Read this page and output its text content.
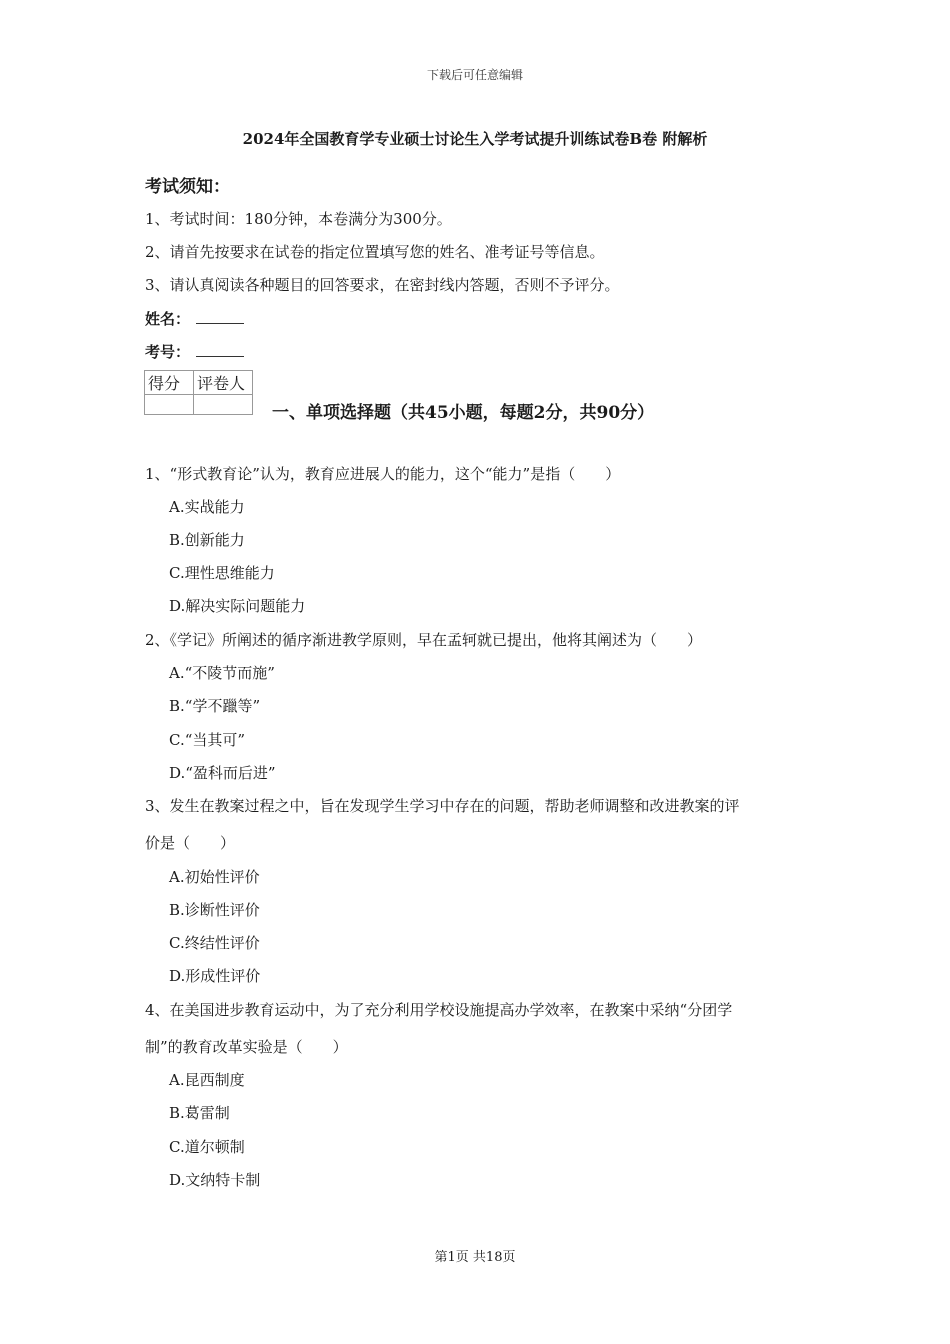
下载后可任意编辑
2024年全国教育学专业硕士讨论生入学考试提升训练试卷B卷 附解析
考试须知：
1、考试时间：180分钟，本卷满分为300分。
2、请首先按要求在试卷的指定位置填写您的姓名、准考证号等信息。
3、请认真阅读各种题目的回答要求，在密封线内答题，否则不予评分。
姓名：
考号：
得分	评卷人

一、单项选择题（共45小题，每题2分，共90分）
1、“形式教育论”认为，教育应进展人的能力，这个“能力”是指（　　）
A.实战能力
B.创新能力
C.理性思维能力
D.解决实际问题能力
2、《学记》所阐述的循序渐进教学原则，早在孟轲就已提出，他将其阐述为（　　）
A.“不陵节而施”
B.“学不躐等”
C.“当其可”
D.“盈科而后进”
3、发生在教案过程之中，旨在发现学生学习中存在的问题，帮助老师调整和改进教案的评
价是（　　）
A.初始性评价
B.诊断性评价
C.终结性评价
D.形成性评价
4、在美国进步教育运动中，为了充分利用学校设施提高办学效率，在教案中采纳“分团学
制”的教育改革实验是（　　）
A.昆西制度
B.葛雷制
C.道尔顿制
D.文纳特卡制
第1页 共18页
